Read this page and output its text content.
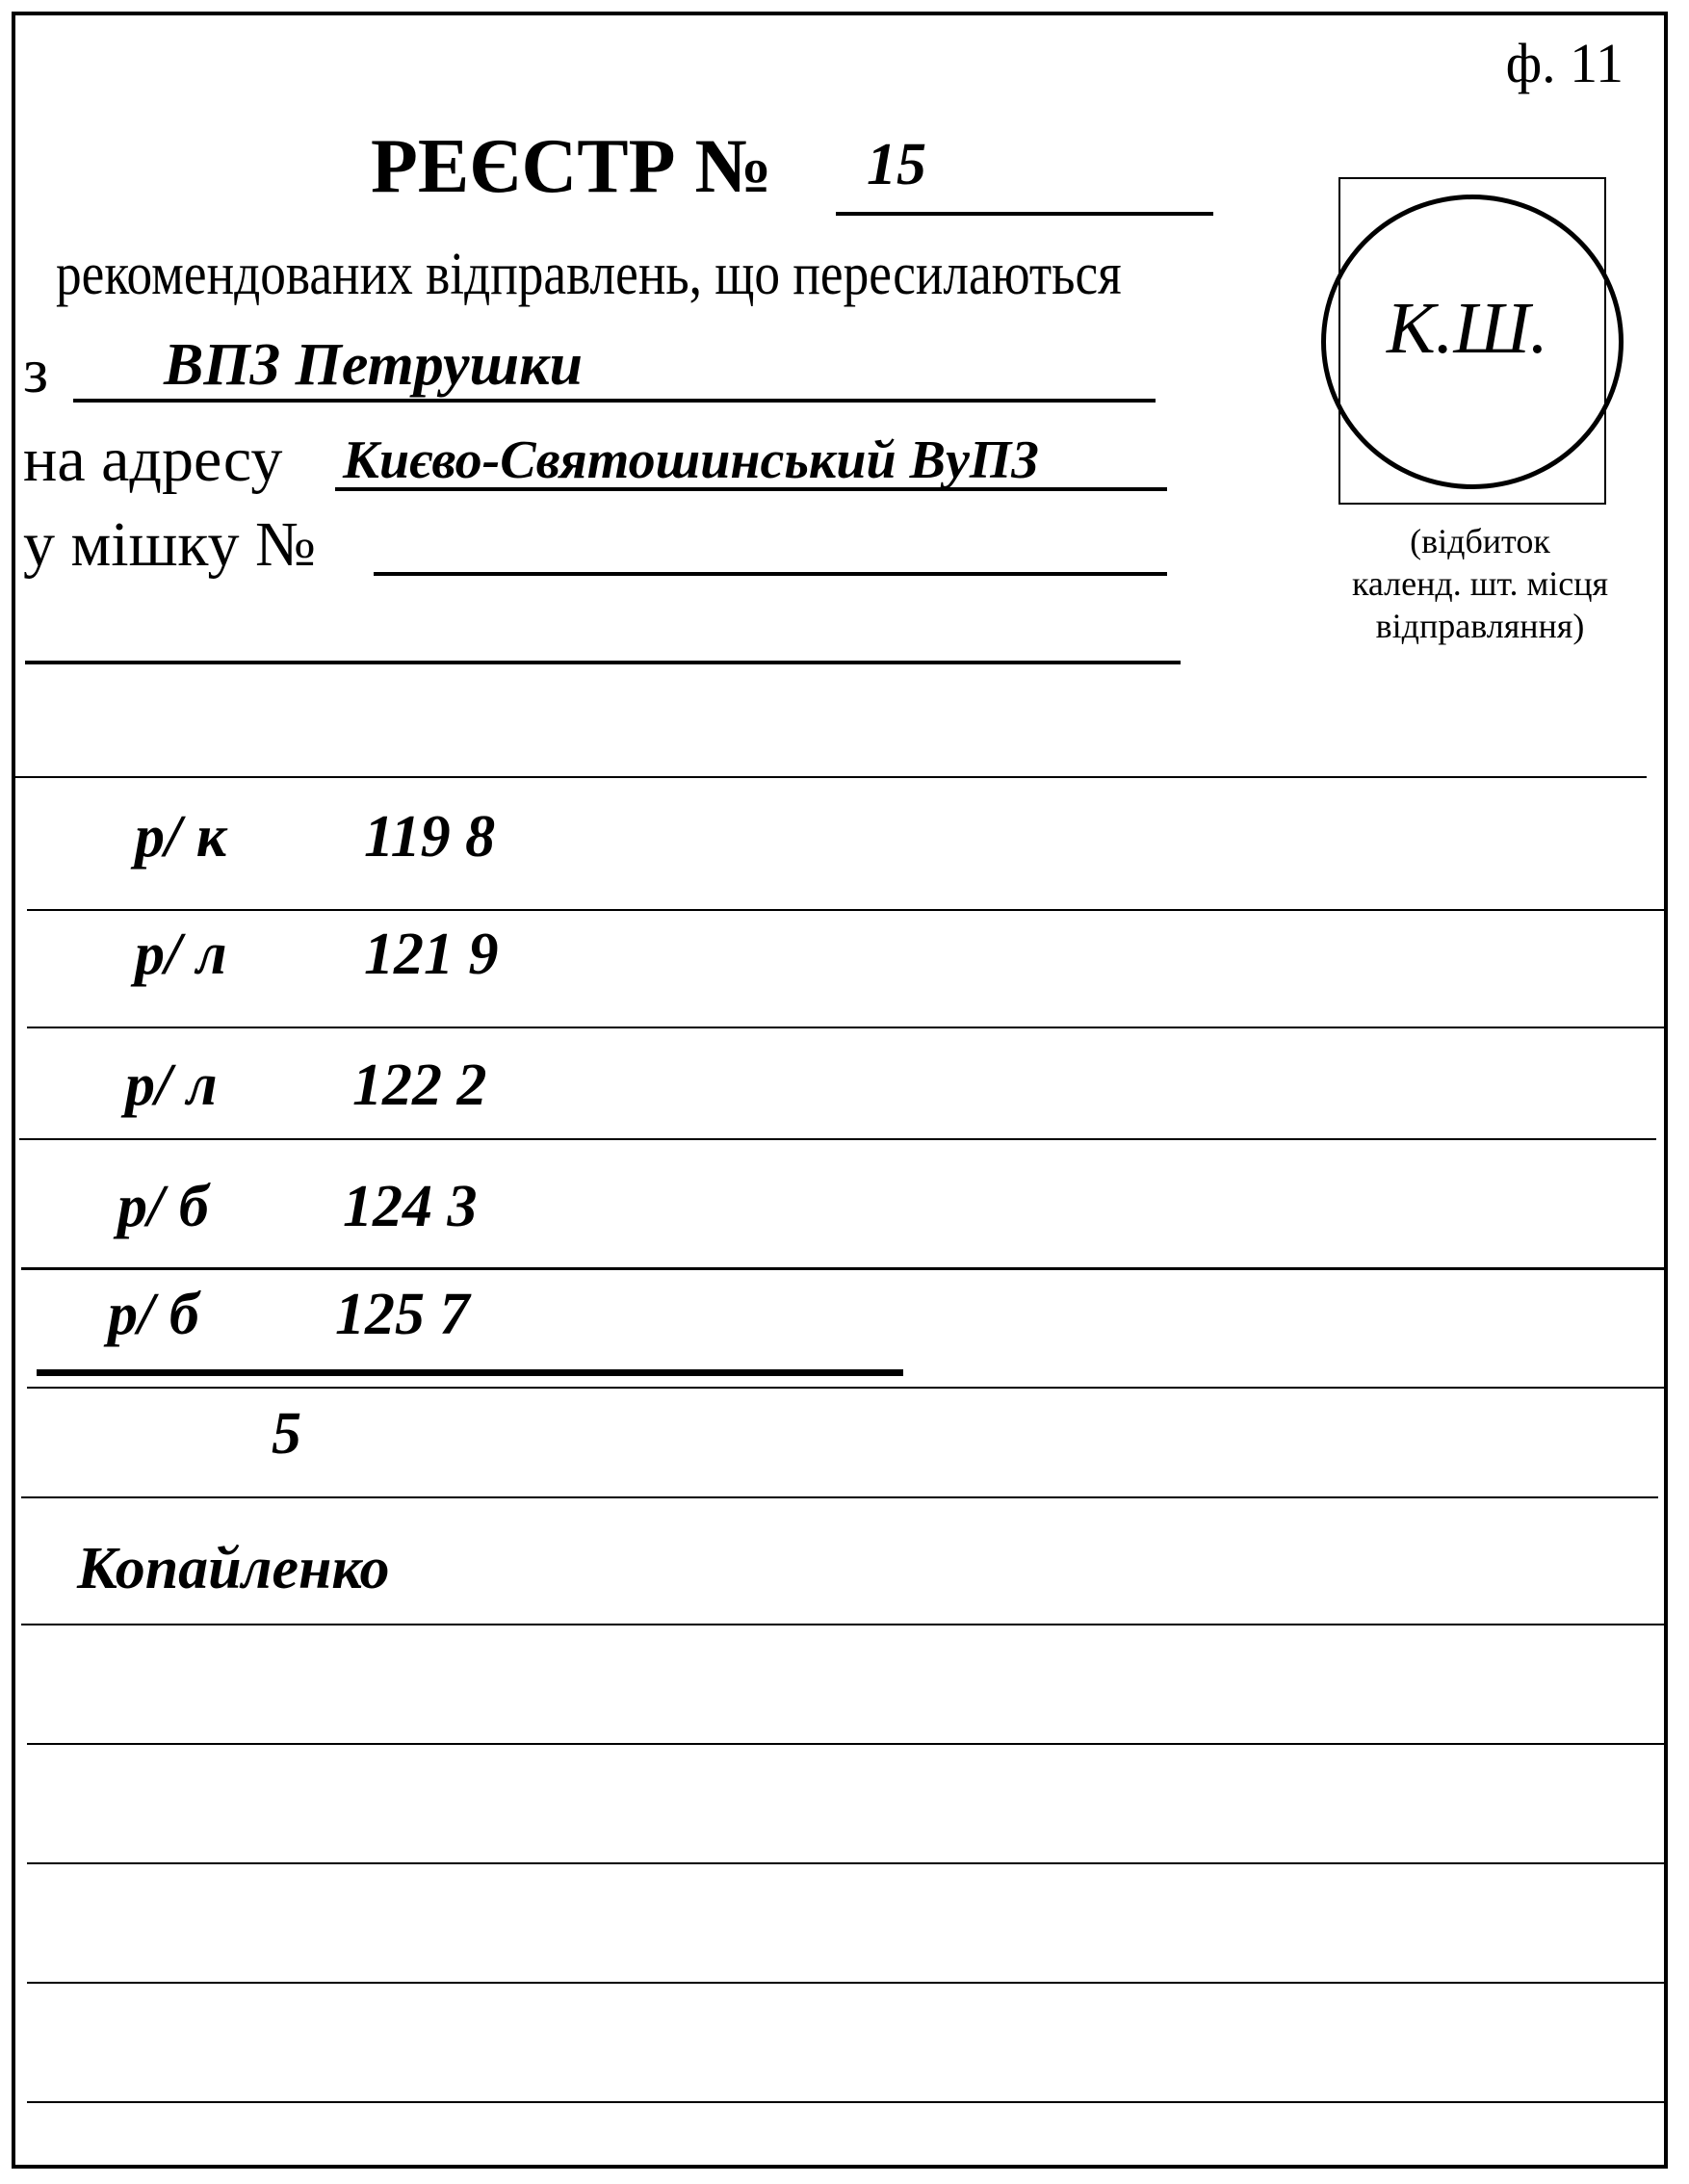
ф. 11
РЕЄСТР № 15
рекомендованих відправлень, що пересилаються
з ВПЗ Петрушки
на адресу Києво-Святошинський ВуПЗ
у мішку №
К.Ш.
(відбиток
календ. шт. місця
відправляння)
р/ к 119 8
р/ л 121 9
р/ л 122 2
р/ б 124 3
р/ б 125 7
5
Копайленко
